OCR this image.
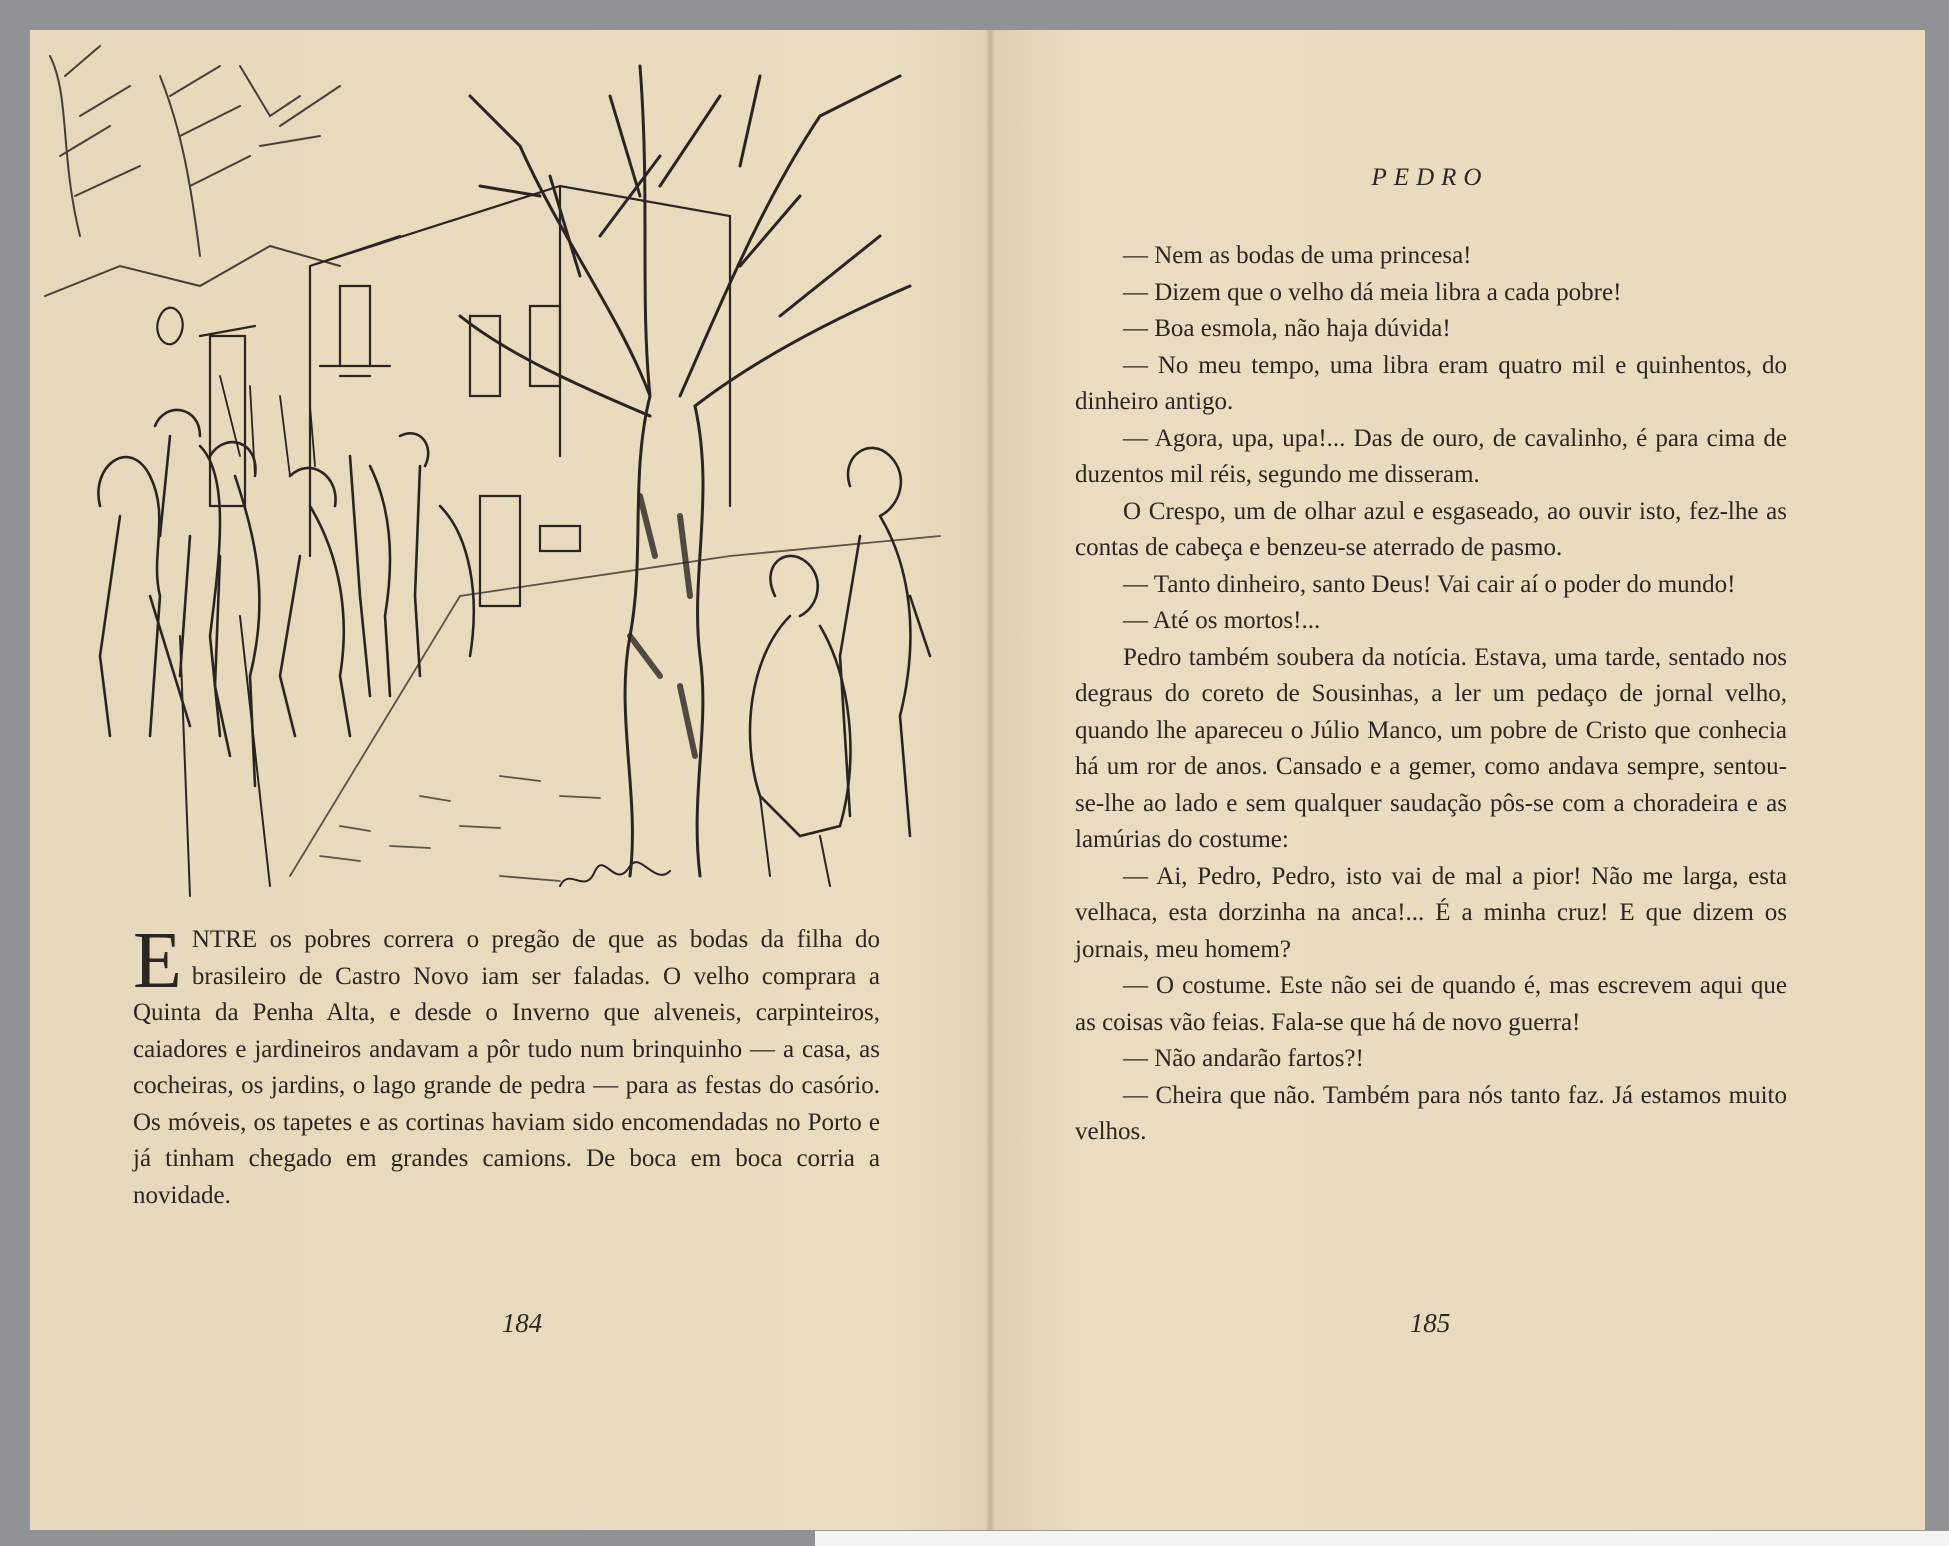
E NTRE os pobres correra o pregão de que as bodas da filha do brasileiro de Castro Novo iam ser faladas. O velho comprara a Quinta da Penha Alta, e desde o Inverno que alveneis, carpinteiros, caiadores e jardineiros andavam a pôr tudo num brinquinho — a casa, as cocheiras, os jardins, o lago grande de pedra — para as festas do casório. Os móveis, os tapetes e as cortinas haviam sido encomendadas no Porto e já tinham chegado em grandes camions. De boca em boca corria a novidade.

184
PEDRO

— Nem as bodas de uma princesa!

— Dizem que o velho dá meia libra a cada pobre!

— Boa esmola, não haja dúvida!

— No meu tempo, uma libra eram quatro mil e quinhentos, do dinheiro antigo.

— Agora, upa, upa!... Das de ouro, de cavalinho, é para cima de duzentos mil réis, segundo me disseram.

O Crespo, um de olhar azul e esgaseado, ao ouvir isto, fez-lhe as contas de cabeça e benzeu-se aterrado de pasmo.

— Tanto dinheiro, santo Deus! Vai cair aí o poder do mundo!

— Até os mortos!...

Pedro também soubera da notícia. Estava, uma tarde, sentado nos degraus do coreto de Sousinhas, a ler um pedaço de jornal velho, quando lhe apareceu o Júlio Manco, um pobre de Cristo que conhecia há um ror de anos. Cansado e a gemer, como andava sempre, sentou-se-lhe ao lado e sem qualquer saudação pôs-se com a choradeira e as lamúrias do costume:

— Ai, Pedro, Pedro, isto vai de mal a pior! Não me larga, esta velhaca, esta dorzinha na anca!... É a minha cruz! E que dizem os jornais, meu homem?

— O costume. Este não sei de quando é, mas escrevem aqui que as coisas vão feias. Fala-se que há de novo guerra!

— Não andarão fartos?!

— Cheira que não. Também para nós tanto faz. Já estamos muito velhos.

185
